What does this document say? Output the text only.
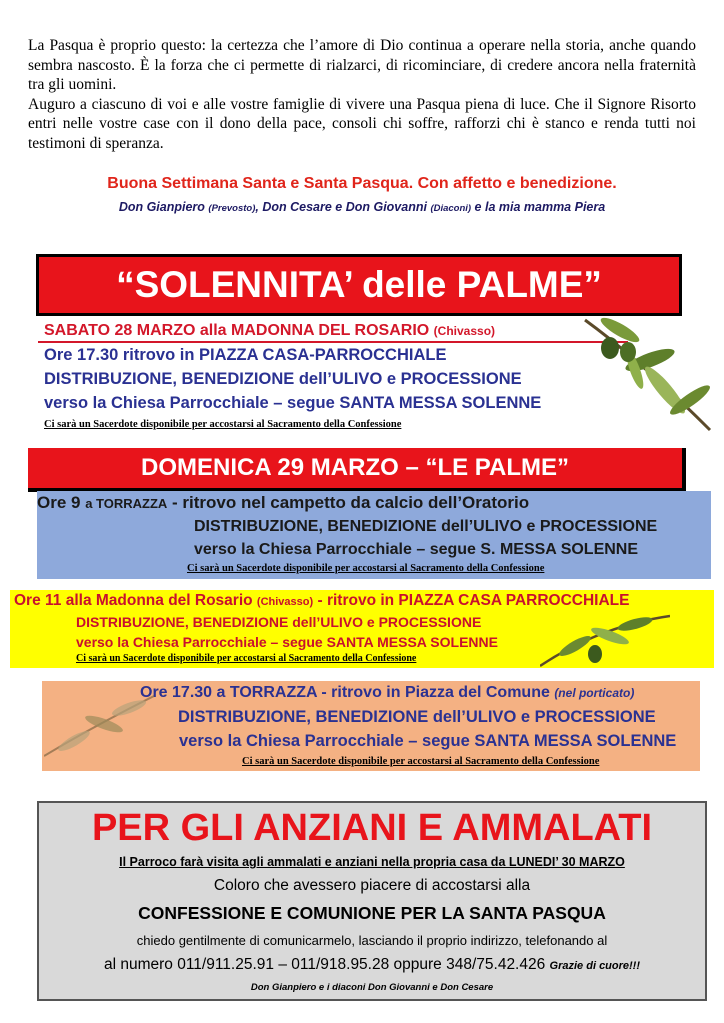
La Pasqua è proprio questo: la certezza che l’amore di Dio continua a operare nella storia, anche quando sembra nascosto. È la forza che ci permette di rialzarci, di ricominciare, di credere ancora nella fraternità tra gli uomini.

Auguro a ciascuno di voi e alle vostre famiglie di vivere una Pasqua piena di luce. Che il Signore Risorto entri nelle vostre case con il dono della pace, consoli chi soffre, rafforzi chi è stanco e renda tutti noi testimoni di speranza.

Buona Settimana Santa e Santa Pasqua. Con affetto e benedizione.
Don Gianpiero (Prevosto), Don Cesare e Don Giovanni (Diaconi) e la mia mamma Piera
“SOLENNITA’ delle PALME”
SABATO 28 MARZO alla MADONNA DEL ROSARIO (Chivasso)
Ore 17.30 ritrovo in PIAZZA CASA-PARROCCHIALE
DISTRIBUZIONE, BENEDIZIONE dell’ULIVO e PROCESSIONE
verso la Chiesa Parrocchiale – segue SANTA MESSA SOLENNE
Ci sarà un Sacerdote disponibile per accostarsi al Sacramento della Confessione
DOMENICA 29 MARZO – “LE PALME”
Ore 9 a TORRAZZA - ritrovo nel campetto da calcio dell’Oratorio
DISTRIBUZIONE, BENEDIZIONE dell’ULIVO e PROCESSIONE
verso la Chiesa Parrocchiale – segue S. MESSA SOLENNE
Ci sarà un Sacerdote disponibile per accostarsi al Sacramento della Confessione
Ore 11 alla Madonna del Rosario (Chivasso) - ritrovo in PIAZZA CASA PARROCCHIALE
DISTRIBUZIONE, BENEDIZIONE dell’ULIVO e PROCESSIONE
verso la Chiesa Parrocchiale – segue SANTA MESSA SOLENNE
Ci sarà un Sacerdote disponibile per accostarsi al Sacramento della Confessione
Ore 17.30 a TORRAZZA - ritrovo in Piazza del Comune (nel porticato)
DISTRIBUZIONE, BENEDIZIONE dell’ULIVO e PROCESSIONE
verso la Chiesa Parrocchiale – segue SANTA MESSA SOLENNE
Ci sarà un Sacerdote disponibile per accostarsi al Sacramento della Confessione
PER GLI ANZIANI E AMMALATI
Il Parroco farà visita agli ammalati e anziani nella propria casa da LUNEDI’ 30 MARZO
Coloro che avessero piacere di accostarsi alla
CONFESSIONE E COMUNIONE PER LA SANTA PASQUA
chiedo gentilmente di comunicarmelo, lasciando il proprio indirizzo, telefonando al
al numero 011/911.25.91 – 011/918.95.28 oppure 348/75.42.426 Grazie di cuore!!!
Don Gianpiero e i diaconi Don Giovanni e Don Cesare
